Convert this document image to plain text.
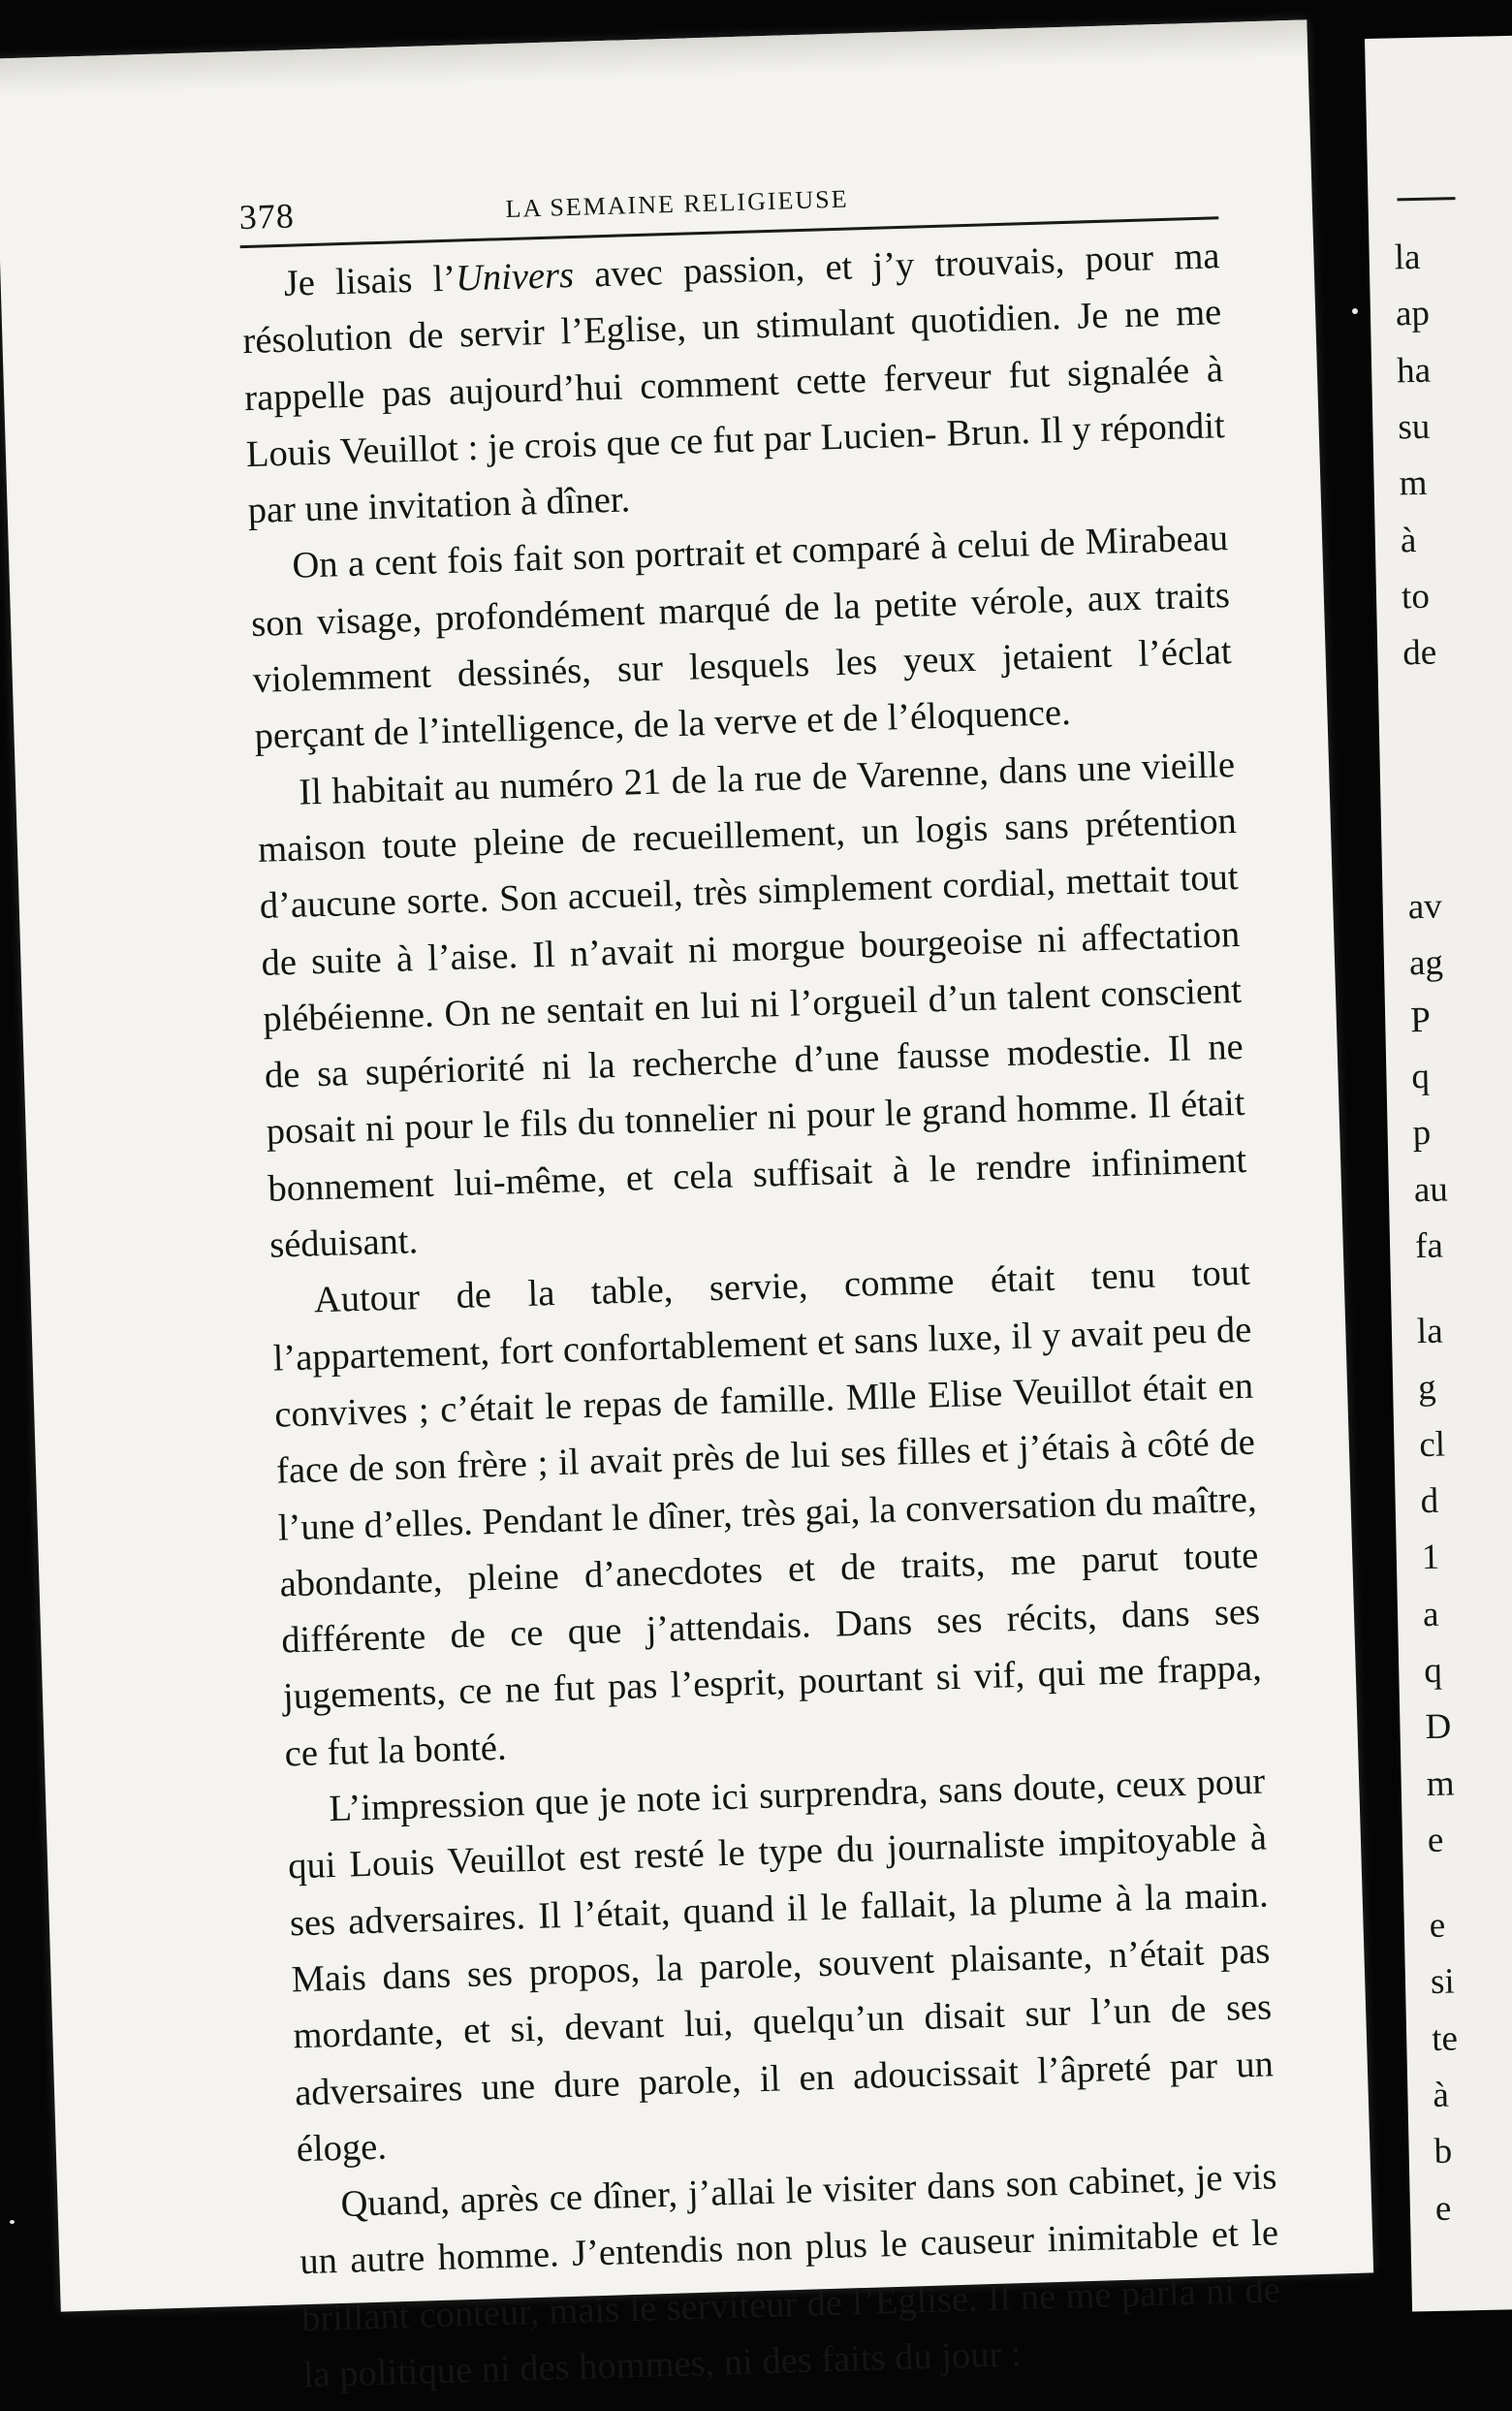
378	LA SEMAINE RELIGIEUSE

Je lisais l’Univers avec passion, et j’y trouvais, pour ma résolution de servir l’Eglise, un stimulant quotidien. Je ne me rappelle pas aujourd’hui comment cette ferveur fut signalée à Louis Veuillot : je crois que ce fut par Lucien- Brun. Il y répondit par une invitation à dîner.

On a cent fois fait son portrait et comparé à celui de Mirabeau son visage, profondément marqué de la petite vérole, aux traits violemment dessinés, sur lesquels les yeux jetaient l’éclat perçant de l’intelligence, de la verve et de l’éloquence.

Il habitait au numéro 21 de la rue de Varenne, dans une vieille maison toute pleine de recueillement, un logis sans prétention d’aucune sorte. Son accueil, très simplement cordial, mettait tout de suite à l’aise. Il n’avait ni morgue bourgeoise ni affectation plébéienne. On ne sentait en lui ni l’orgueil d’un talent conscient de sa supériorité ni la recherche d’une fausse modestie. Il ne posait ni pour le fils du tonnelier ni pour le grand homme. Il était bonnement lui-même, et cela suffisait à le rendre infiniment séduisant.

Autour de la table, servie, comme était tenu tout l’appartement, fort confortablement et sans luxe, il y avait peu de convives ; c’était le repas de famille. Mlle Elise Veuillot était en face de son frère ; il avait près de lui ses filles et j’étais à côté de l’une d’elles. Pendant le dîner, très gai, la conversation du maître, abondante, pleine d’anecdotes et de traits, me parut toute différente de ce que j’attendais. Dans ses récits, dans ses jugements, ce ne fut pas l’esprit, pourtant si vif, qui me frappa, ce fut la bonté.

L’impression que je note ici surprendra, sans doute, ceux pour qui Louis Veuillot est resté le type du journaliste impitoyable à ses adversaires. Il l’était, quand il le fallait, la plume à la main. Mais dans ses propos, la parole, souvent plaisante, n’était pas mordante, et si, devant lui, quelqu’un disait sur l’un de ses adversaires une dure parole, il en adoucissait l’âpreté par un éloge.

Quand, après ce dîner, j’allai le visiter dans son cabinet, je vis un autre homme. J’entendis non plus le causeur inimitable et le brillant conteur, mais le serviteur de l’Eglise. Il ne me parla ni de la politique ni des hommes, ni des faits du jour :

la
ap
ha
su
m
à
to
de
av
ag
P
q
p
au
fa
la
g
cl
d
1
a
q
D
m
e
e
si
te
à
b
e
